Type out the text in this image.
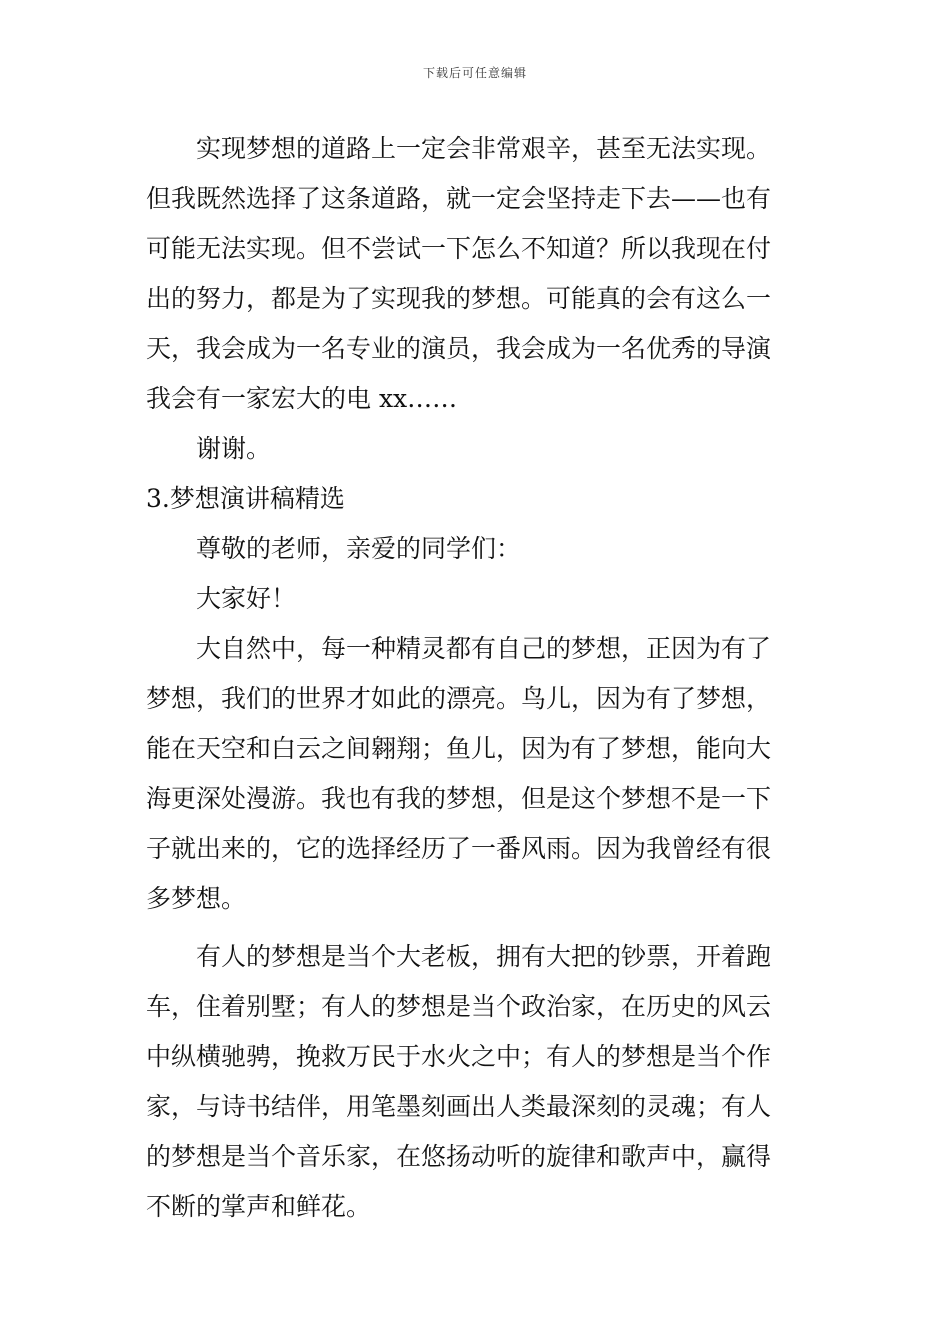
下载后可任意编辑
实现梦想的道路上一定会非常艰辛，甚至无法实现。
但我既然选择了这条道路，就一定会坚持走下去——也有
可能无法实现。但不尝试一下怎么不知道？所以我现在付
出的努力，都是为了实现我的梦想。可能真的会有这么一
天，我会成为一名专业的演员，我会成为一名优秀的导演
我会有一家宏大的电 xx……
谢谢。
3.梦想演讲稿精选
尊敬的老师，亲爱的同学们：
大家好！
大自然中，每一种精灵都有自己的梦想，正因为有了
梦想，我们的世界才如此的漂亮。鸟儿，因为有了梦想，
能在天空和白云之间翱翔；鱼儿，因为有了梦想，能向大
海更深处漫游。我也有我的梦想，但是这个梦想不是一下
子就出来的，它的选择经历了一番风雨。因为我曾经有很
多梦想。
有人的梦想是当个大老板，拥有大把的钞票，开着跑
车，住着别墅；有人的梦想是当个政治家，在历史的风云
中纵横驰骋，挽救万民于水火之中；有人的梦想是当个作
家，与诗书结伴，用笔墨刻画出人类最深刻的灵魂；有人
的梦想是当个音乐家，在悠扬动听的旋律和歌声中，赢得
不断的掌声和鲜花。
